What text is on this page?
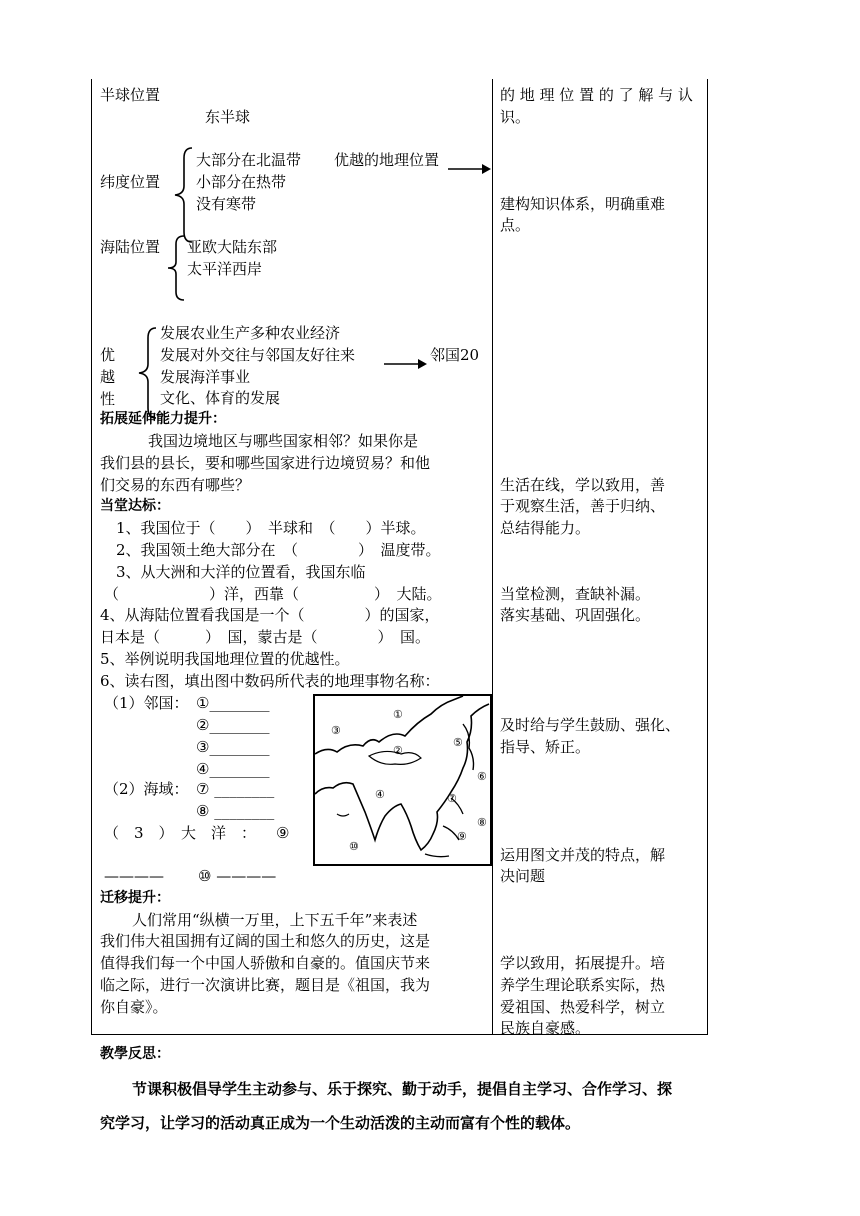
半球位置
东半球
纬度位置
大部分在北温带
小部分在热带
没有寒带
优越的地理位置
海陆位置 亚欧大陆东部
太平洋西岸
优
越
性
发展农业生产多种农业经济
发展对外交往与邻国友好往来
发展海洋事业
文化、体育的发展
邻国20
拓展延伸能力提升：
我国边境地区与哪些国家相邻？如果你是
我们县的县长，要和哪些国家进行边境贸易？和他
们交易的东西有哪些？
当堂达标：
1、我国位于（　　）　半球和　（　　）半球。
2、我国领土绝大部分在　（　　　　）　温度带。
3、从大洲和大洋的位置看，我国东临
（　　　　　　）洋，西靠（　　　　　）　大陆。
4、从海陆位置看我国是一个（　　　　）的国家，
日本是（　　　）　国，蒙古是（　　　　）　国。
5、举例说明我国地理位置的优越性。
6、读右图，填出图中数码所代表的地理事物名称：
（1）邻国： ①________
②________
③________
④________
（2）海域： ⑦ ________
⑧ ________
（　3　）　大　洋　： ⑨
———— ⑩ ————
①
②
③
④
⑤
⑥
⑦
⑧
⑨
⑩
迁移提升：
人们常用“纵横一万里，上下五千年”来表述
我们伟大祖国拥有辽阔的国土和悠久的历史，这是
值得我们每一个中国人骄傲和自豪的。值国庆节来
临之际，进行一次演讲比赛，题目是《祖国，我为
你自豪》。
的 地 理 位 置 的 了 解 与 认
识。
建构知识体系，明确重难
点。
生活在线，学以致用，善
于观察生活，善于归纳、
总结得能力。
当堂检测，查缺补漏。
落实基础、巩固强化。
及时给与学生鼓励、强化、
指导、矫正。
运用图文并茂的特点，解
决问题
学以致用，拓展提升。培
养学生理论联系实际，热
爱祖国、热爱科学，树立
民族自豪感。
教學反思：
节课积极倡导学生主动参与、乐于探究、勤于动手，提倡自主学习、合作学习、探
究学习，让学习的活动真正成为一个生动活泼的主动而富有个性的载体。
